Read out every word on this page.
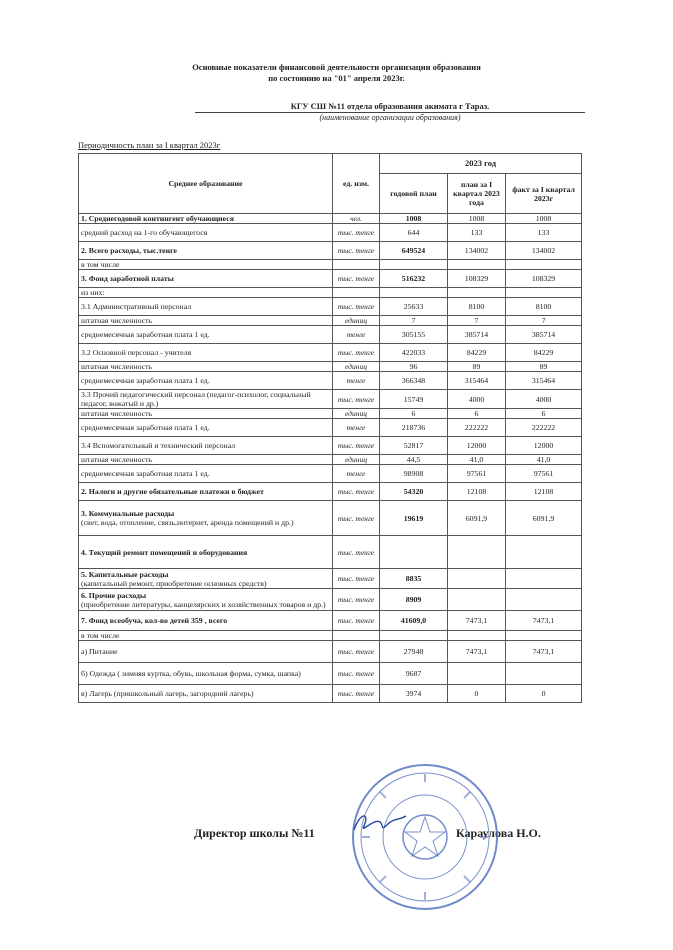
Основные показатели финансовой деятельности организации образования
по состоянию на "01" апреля 2023г.
КГУ СШ №11 отдела образования акимата г Тараз.
(наименование организации образования)
Периодичность план за I квартал 2023г
Среднее образование	ед. изм.	2023 год		
		годовой план	план за I квартал 2023 года	факт за I квартал 2023г
1. Среднегодовой контингент обучающиеся	чел.	1008	1008	1008
средний расход на 1-го обучающегося	тыс. тенге	644	133	133
2. Всего расходы, тыс.тенге	тыс. тенге	649524	134002	134002
в том числе				
3. Фонд заработной платы	тыс. тенге	516232	108329	108329
из них:				
3.1 Административный персонал	тыс. тенге	25633	8100	8100
штатная численность	единиц	7	7	7
среднемесячная заработная плата 1 ед.	тенге	305155	385714	385714
3.2 Основной персонал - учителя	тыс. тенге	422033	84229	84229
штатная численность	единиц	96	89	89
среднемесячная заработная плата 1 ед.	тенге	366348	315464	315464
3.3 Прочий педагогический персонал (педагог-психолог, социальный педагог, вожатый и др.)	тыс. тенге	15749	4000	4000
штатная численность	единиц	6	6	6
среднемесячная заработная плата 1 ед.	тенге	218736	222222	222222
3.4 Вспомогательный и технический персонал	тыс. тенге	52817	12000	12000
штатная численность	единиц	44,5	41,0	41,0
среднемесячная заработная плата 1 ед.	тенге	98908	97561	97561
2. Налоги и другие обязательные платежи в бюджет	тыс. тенге	54320	12108	12108
3. Коммунальные расходы
(свет, вода, отопление, связь,интернет, аренда помещений и др.)	тыс. тенге	19619	6091,9	6091,9
4. Текущий ремонт помещений и оборудования	тыс. тенге			
5. Капитальные расходы
(капитальный ремонт, приобретение основных средств)	тыс. тенге	8835		
6. Прочие расходы
(приобретение литературы, канцелярских и хозяйственных товаров и др.)	тыс. тенге	8909		
7. Фонд всеобуча, кол-во детей 359 , всего	тыс. тенге	41609,0	7473,1	7473,1
в том числе				
а) Питание	тыс. тенге	27948	7473,1	7473,1
б) Одежда ( зимняя куртка, обувь, школьная форма, сумка, шапка)	тыс. тенге	9687		
в) Лагерь (пришкольный лагерь, загородний лагерь)	тыс. тенге	3974	0	0
Директор школы №11	Караулова Н.О.
